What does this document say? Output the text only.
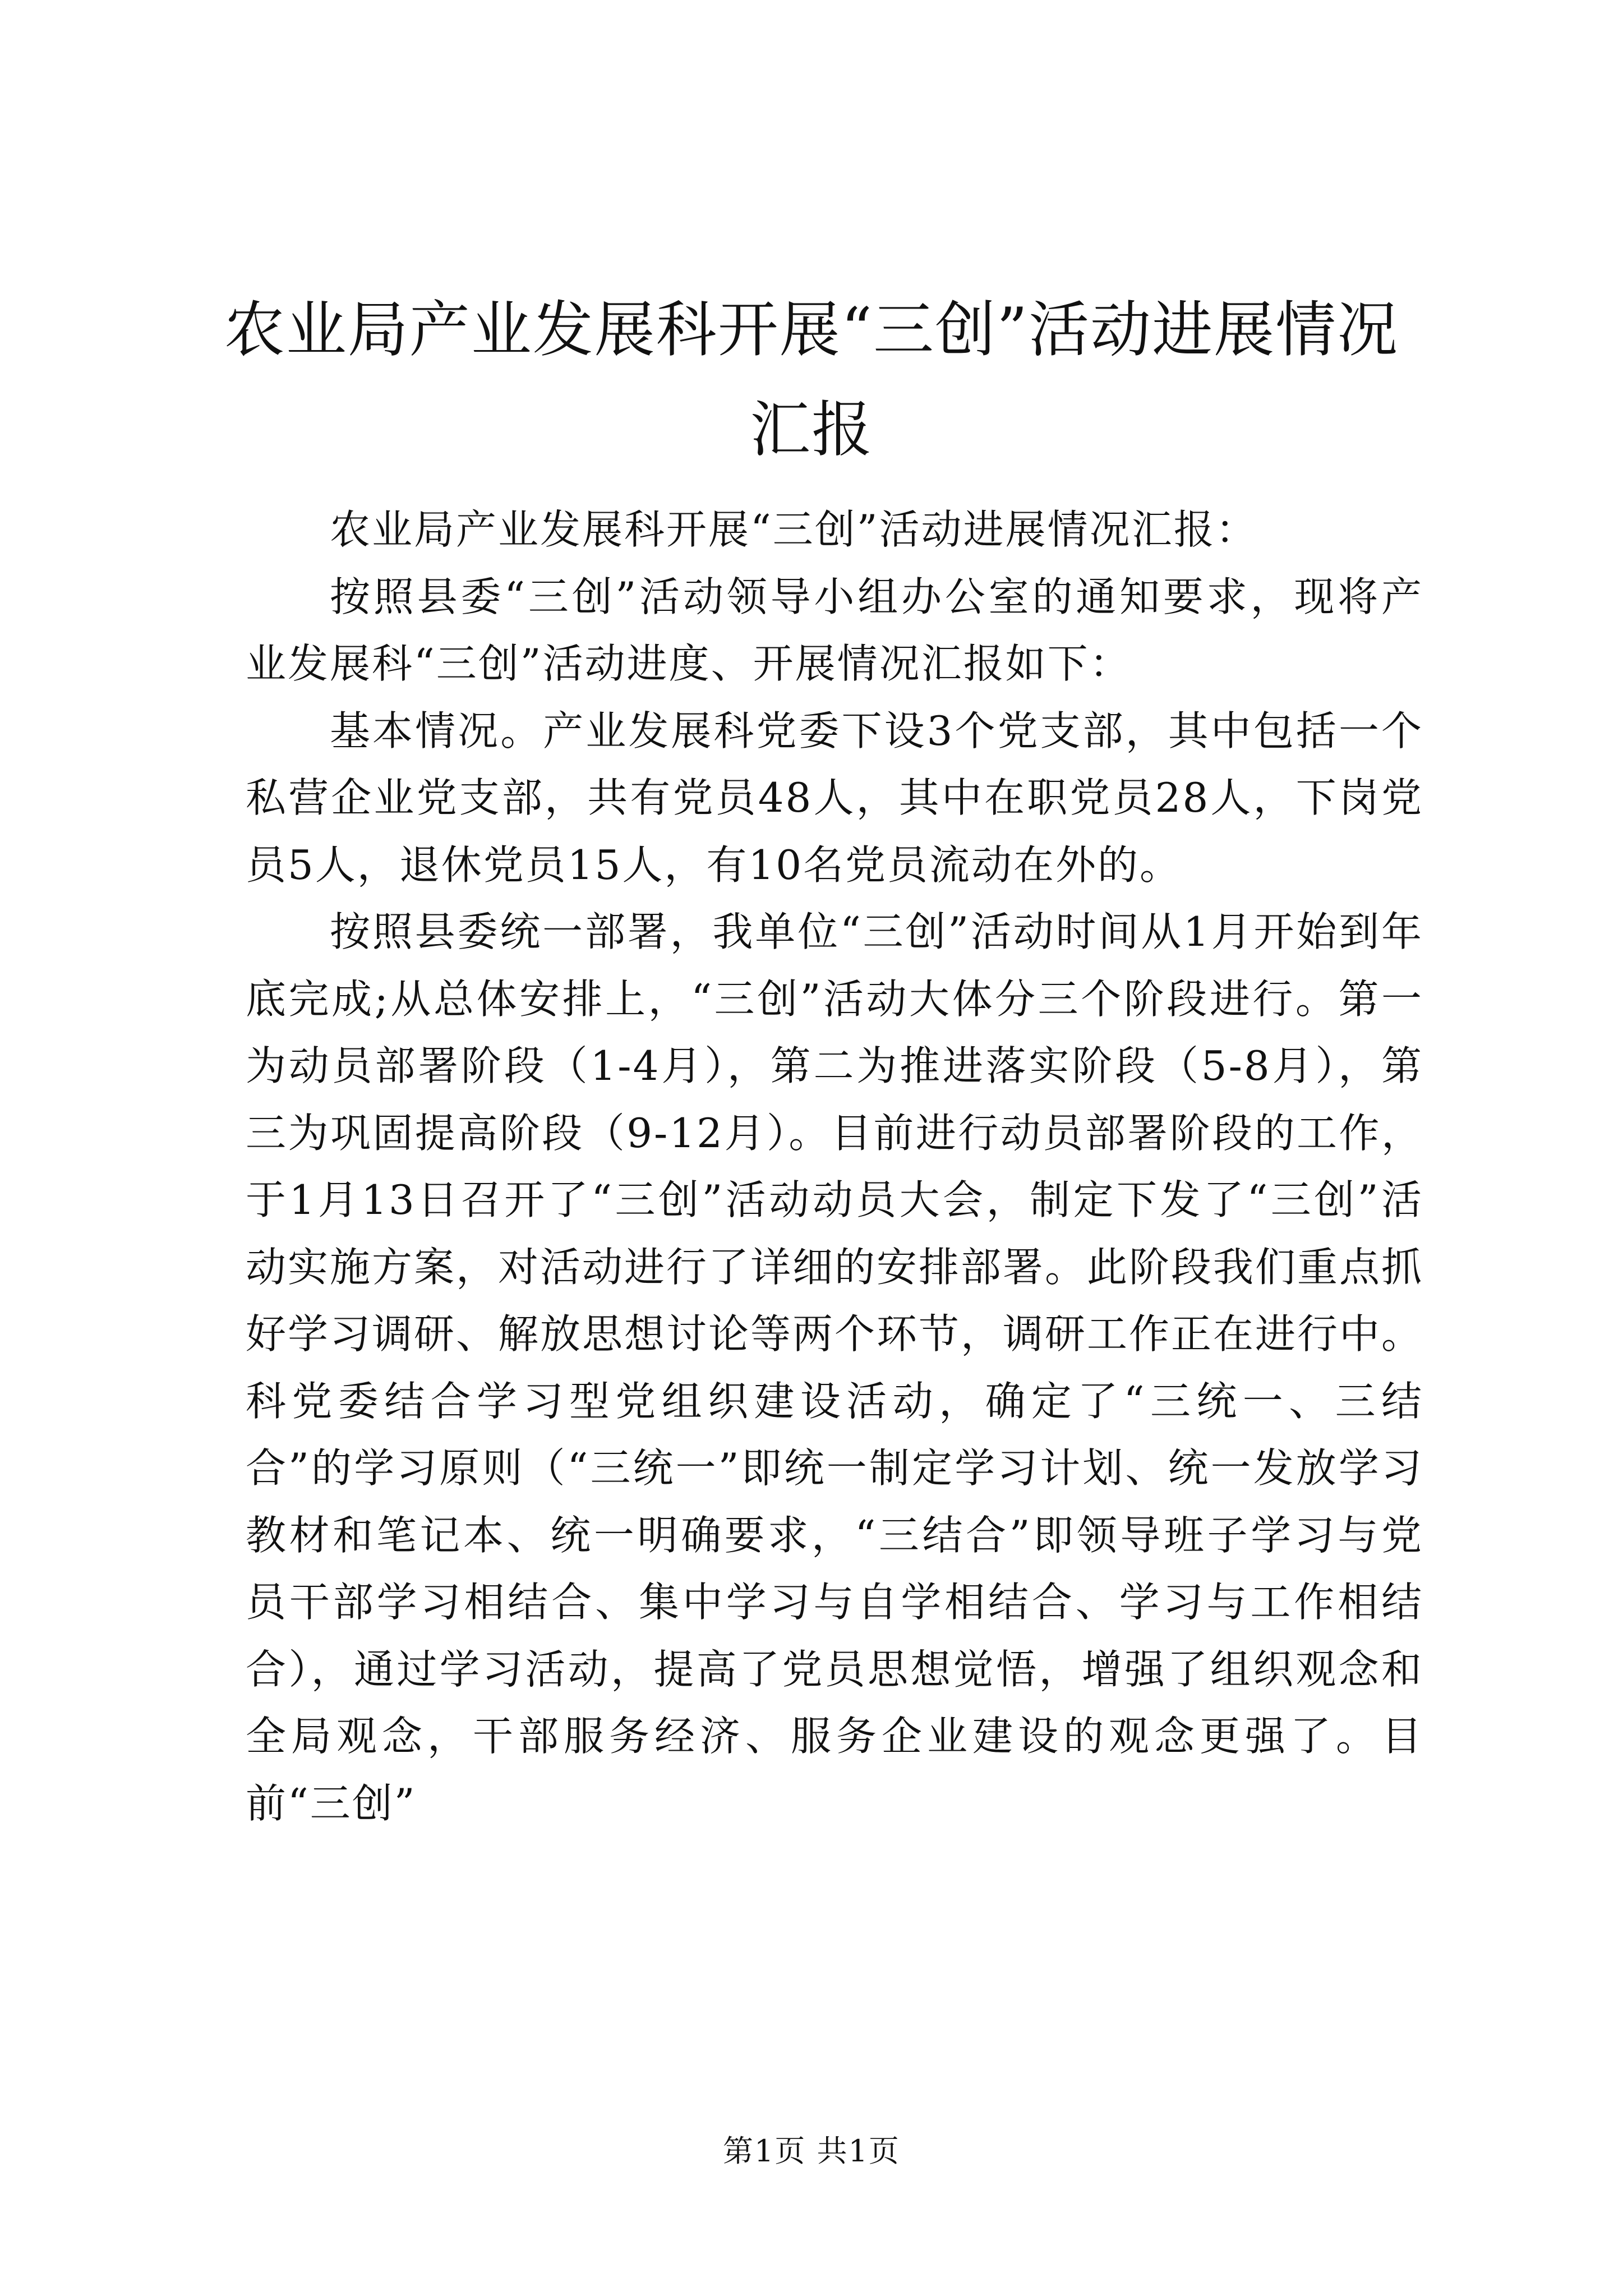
农业局产业发展科开展“三创”活动进展情况
汇报

农业局产业发展科开展“三创”活动进展情况汇报：

按照县委“三创”活动领导小组办公室的通知要求，现将产业发展科“三创”活动进度、开展情况汇报如下：

基本情况。产业发展科党委下设3个党支部，其中包括一个私营企业党支部，共有党员48人，其中在职党员28人，下岗党员5人，退休党员15人，有10名党员流动在外的。

按照县委统一部署，我单位“三创”活动时间从1月开始到年底完成;从总体安排上，“三创”活动大体分三个阶段进行。第一为动员部署阶段（1-4月），第二为推进落实阶段（5-8月），第三为巩固提高阶段（9-12月）。目前进行动员部署阶段的工作，于1月13日召开了“三创”活动动员大会，制定下发了“三创”活动实施方案，对活动进行了详细的安排部署。此阶段我们重点抓好学习调研、解放思想讨论等两个环节，调研工作正在进行中。科党委结合学习型党组织建设活动，确定了“三统一、三结合”的学习原则（“三统一”即统一制定学习计划、统一发放学习教材和笔记本、统一明确要求，“三结合”即领导班子学习与党员干部学习相结合、集中学习与自学相结合、学习与工作相结合），通过学习活动，提高了党员思想觉悟，增强了组织观念和全局观念，干部服务经济、服务企业建设的观念更强了。目前“三创”

第1页 共1页
